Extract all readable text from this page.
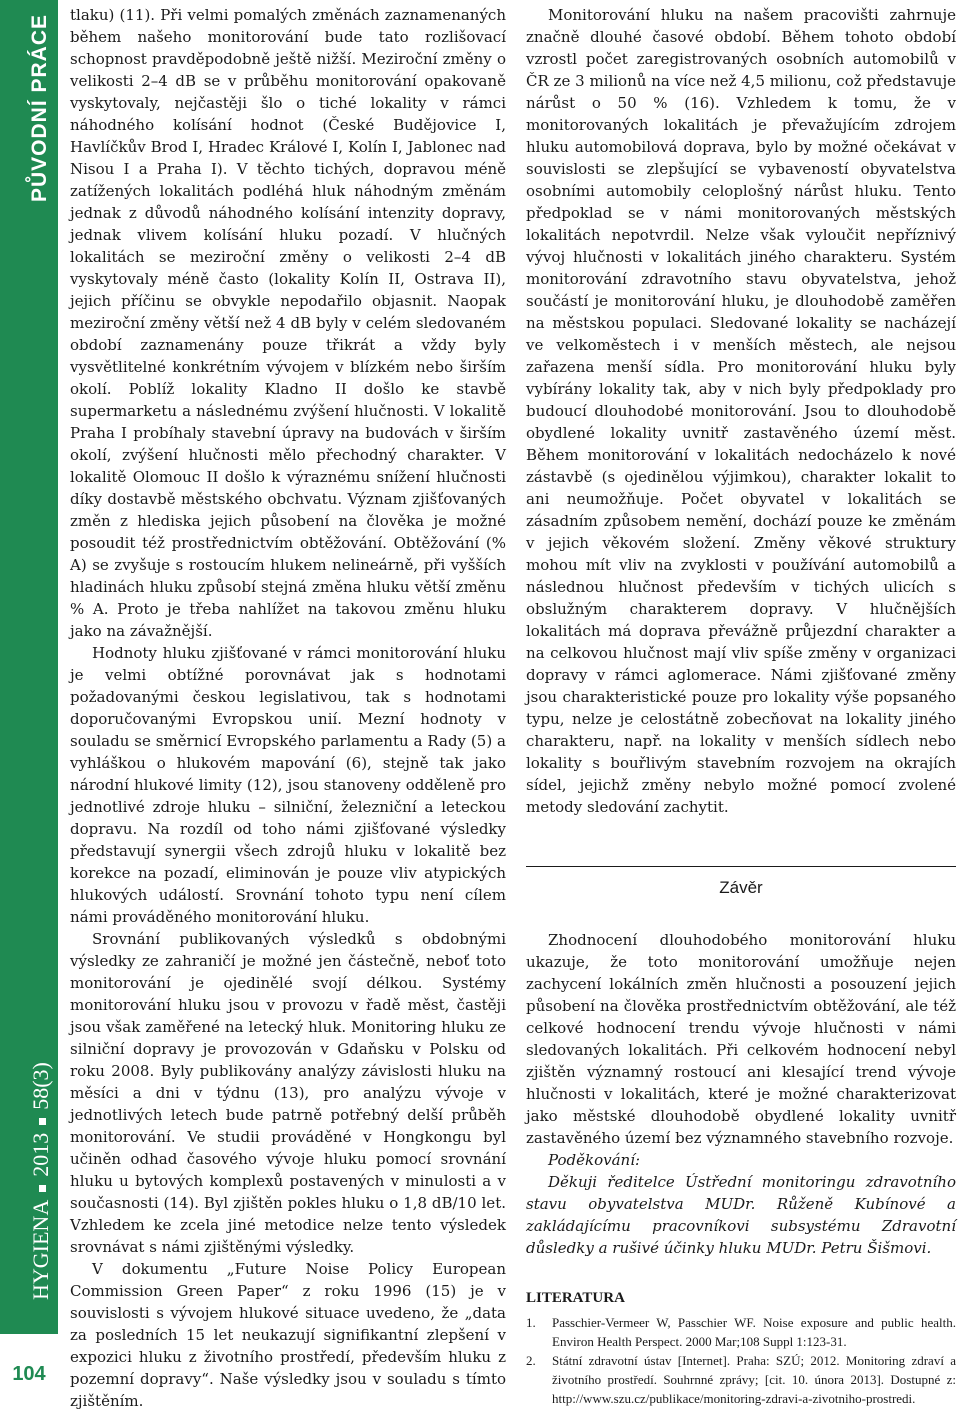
PŮVODNÍ PRÁCE
HYGIENA201358(3)
104

tlaku) (11). Při velmi pomalých změnách zaznamenaných během našeho monitorování bude tato rozlišovací schopnost pravděpodobně ještě nižší. Meziroční změny o velikosti 2–4 dB se v průběhu monitorování opakovaně vyskytovaly, nejčastěji šlo o tiché lokality v rámci náhodného kolísání hodnot (České Budějovice I, Havlíčkův Brod I, Hradec Králové I, Kolín I, Jablonec nad Nisou I a Praha I). V těchto tichých, dopravou méně zatížených lokalitách podléhá hluk náhodným změnám jednak z důvodů náhodného kolísání intenzity dopravy, jednak vlivem kolísání hluku pozadí. V hlučných lokalitách se meziroční změny o velikosti 2–4 dB vyskytovaly méně často (lokality Kolín II, Ostrava II), jejich příčinu se obvykle nepodařilo objasnit. Naopak meziroční změny větší než 4 dB byly v celém sledovaném období zaznamenány pouze třikrát a vždy byly vysvětlitelné konkrétním vývojem v blízkém nebo širším okolí. Poblíž lokality Kladno II došlo ke stavbě supermarketu a následnému zvýšení hlučnosti. V lokalitě Praha I probíhaly stavební úpravy na budovách v širším okolí, zvýšení hlučnosti mělo přechodný charakter. V lokalitě Olomouc II došlo k výraznému snížení hlučnosti díky dostavbě městského obchvatu. Význam zjišťovaných změn z hlediska jejich působení na člověka je možné posoudit též prostřednictvím obtěžování. Obtěžování (% A) se zvyšuje s rostoucím hlukem nelineárně, při vyšších hladinách hluku způsobí stejná změna hluku větší změnu % A. Proto je třeba nahlížet na takovou změnu hluku jako na závažnější.

Hodnoty hluku zjišťované v rámci monitorování hluku je velmi obtížné porovnávat jak s hodnotami požadovanými českou legislativou, tak s hodnotami doporučovanými Evropskou unií. Mezní hodnoty v souladu se směrnicí Evropského parlamentu a Rady (5) a vyhláškou o hlukovém mapování (6), stejně tak jako národní hlukové limity (12), jsou stanoveny odděleně pro jednotlivé zdroje hluku – silniční, železniční a leteckou dopravu. Na rozdíl od toho námi zjišťované výsledky představují synergii všech zdrojů hluku v lokalitě bez korekce na pozadí, eliminován je pouze vliv atypických hlukových událostí. Srovnání tohoto typu není cílem námi prováděného monitorování hluku.

Srovnání publikovaných výsledků s obdobnými výsledky ze zahraničí je možné jen částečně, neboť toto monitorování je ojedinělé svojí délkou. Systémy monitorování hluku jsou v provozu v řadě měst, častěji jsou však zaměřené na letecký hluk. Monitoring hluku ze silniční dopravy je provozován v Gdaňsku v Polsku od roku 2008. Byly publikovány analýzy závislosti hluku na měsíci a dni v týdnu (13), pro analýzu vývoje v jednotlivých letech bude patrně potřebný delší průběh monitorování. Ve studii prováděné v Hongkongu byl učiněn odhad časového vývoje hluku pomocí srovnání hluku u bytových komplexů postavených v minulosti a v současnosti (14). Byl zjištěn pokles hluku o 1,8 dB/10 let. Vzhledem ke zcela jiné metodice nelze tento výsledek srovnávat s námi zjištěnými výsledky.

V dokumentu „Future Noise Policy European Commission Green Paper“ z roku 1996 (15) je v souvislosti s vývojem hlukové situace uvedeno, že „data za posledních 15 let neukazují signifikantní zlepšení v expozici hluku z životního prostředí, především hluku z pozemní dopravy“. Naše výsledky jsou v souladu s tímto zjištěním.

Monitorování hluku na našem pracovišti zahrnuje značně dlouhé časové období. Během tohoto období vzrostl počet zaregistrovaných osobních automobilů v ČR ze 3 milionů na více než 4,5 milionu, což představuje nárůst o 50 % (16). Vzhledem k tomu, že v monitorovaných lokalitách je převažujícím zdrojem hluku automobilová doprava, bylo by možné očekávat v souvislosti se zlepšující se vybaveností obyvatelstva osobními automobily celoplošný nárůst hluku. Tento předpoklad se v námi monitorovaných městských lokalitách nepotvrdil. Nelze však vyloučit nepříznivý vývoj hlučnosti v lokalitách jiného charakteru. Systém monitorování zdravotního stavu obyvatelstva, jehož součástí je monitorování hluku, je dlouhodobě zaměřen na městskou populaci. Sledované lokality se nacházejí ve velkoměstech i v menších městech, ale nejsou zařazena menší sídla. Pro monitorování hluku byly vybírány lokality tak, aby v nich byly předpoklady pro budoucí dlouhodobé monitorování. Jsou to dlouhodobě obydlené lokality uvnitř zastavěného území měst. Během monitorování v lokalitách nedocházelo k nové zástavbě (s ojedinělou výjimkou), charakter lokalit to ani neumožňuje. Počet obyvatel v lokalitách se zásadním způsobem nemění, dochází pouze ke změnám v jejich věkovém složení. Změny věkové struktury mohou mít vliv na zvyklosti v používání automobilů a následnou hlučnost především v tichých ulicích s obslužným charakterem dopravy. V hlučnějších lokalitách má doprava převážně průjezdní charakter a na celkovou hlučnost mají vliv spíše změny v organizaci dopravy v rámci aglomerace. Námi zjišťované změny jsou charakteristické pouze pro lokality výše popsaného typu, nelze je celostátně zobecňovat na lokality jiného charakteru, např. na lokality v menších sídlech nebo lokality s bouřlivým stavebním rozvojem na okrajích sídel, jejichž změny nebylo možné pomocí zvolené metody sledování zachytit.

Závěr

Zhodnocení dlouhodobého monitorování hluku ukazuje, že toto monitorování umožňuje nejen zachycení lokálních změn hlučnosti a posouzení jejich působení na člověka prostřednictvím obtěžování, ale též celkové hodnocení trendu vývoje hlučnosti v námi sledovaných lokalitách. Při celkovém hodnocení nebyl zjištěn významný rostoucí ani klesající trend vývoje hlučnosti v lokalitách, které je možné charakterizovat jako městské dlouhodobě obydlené lokality uvnitř zastavěného území bez významného stavebního rozvoje.

Poděkování:

Děkuji ředitelce Ústřední monitoringu zdravotního stavu obyvatelstva MUDr. Růženě Kubínové a zakládajícímu pracovníkovi subsystému Zdravotní důsledky a rušivé účinky hluku MUDr. Petru Šišmovi.

LITERATURA
1.	Passchier-Vermeer W, Passchier WF. Noise exposure and public health. Environ Health Perspect. 2000 Mar;108 Suppl 1:123-31.
2.	Státní zdravotní ústav [Internet]. Praha: SZÚ; 2012. Monitoring zdraví a životního prostředí. Souhrnné zprávy; [cit. 10. února 2013]. Dostupné z: http://www.szu.cz/publikace/monitoring-zdravi-a-zivotniho-prostredi.
